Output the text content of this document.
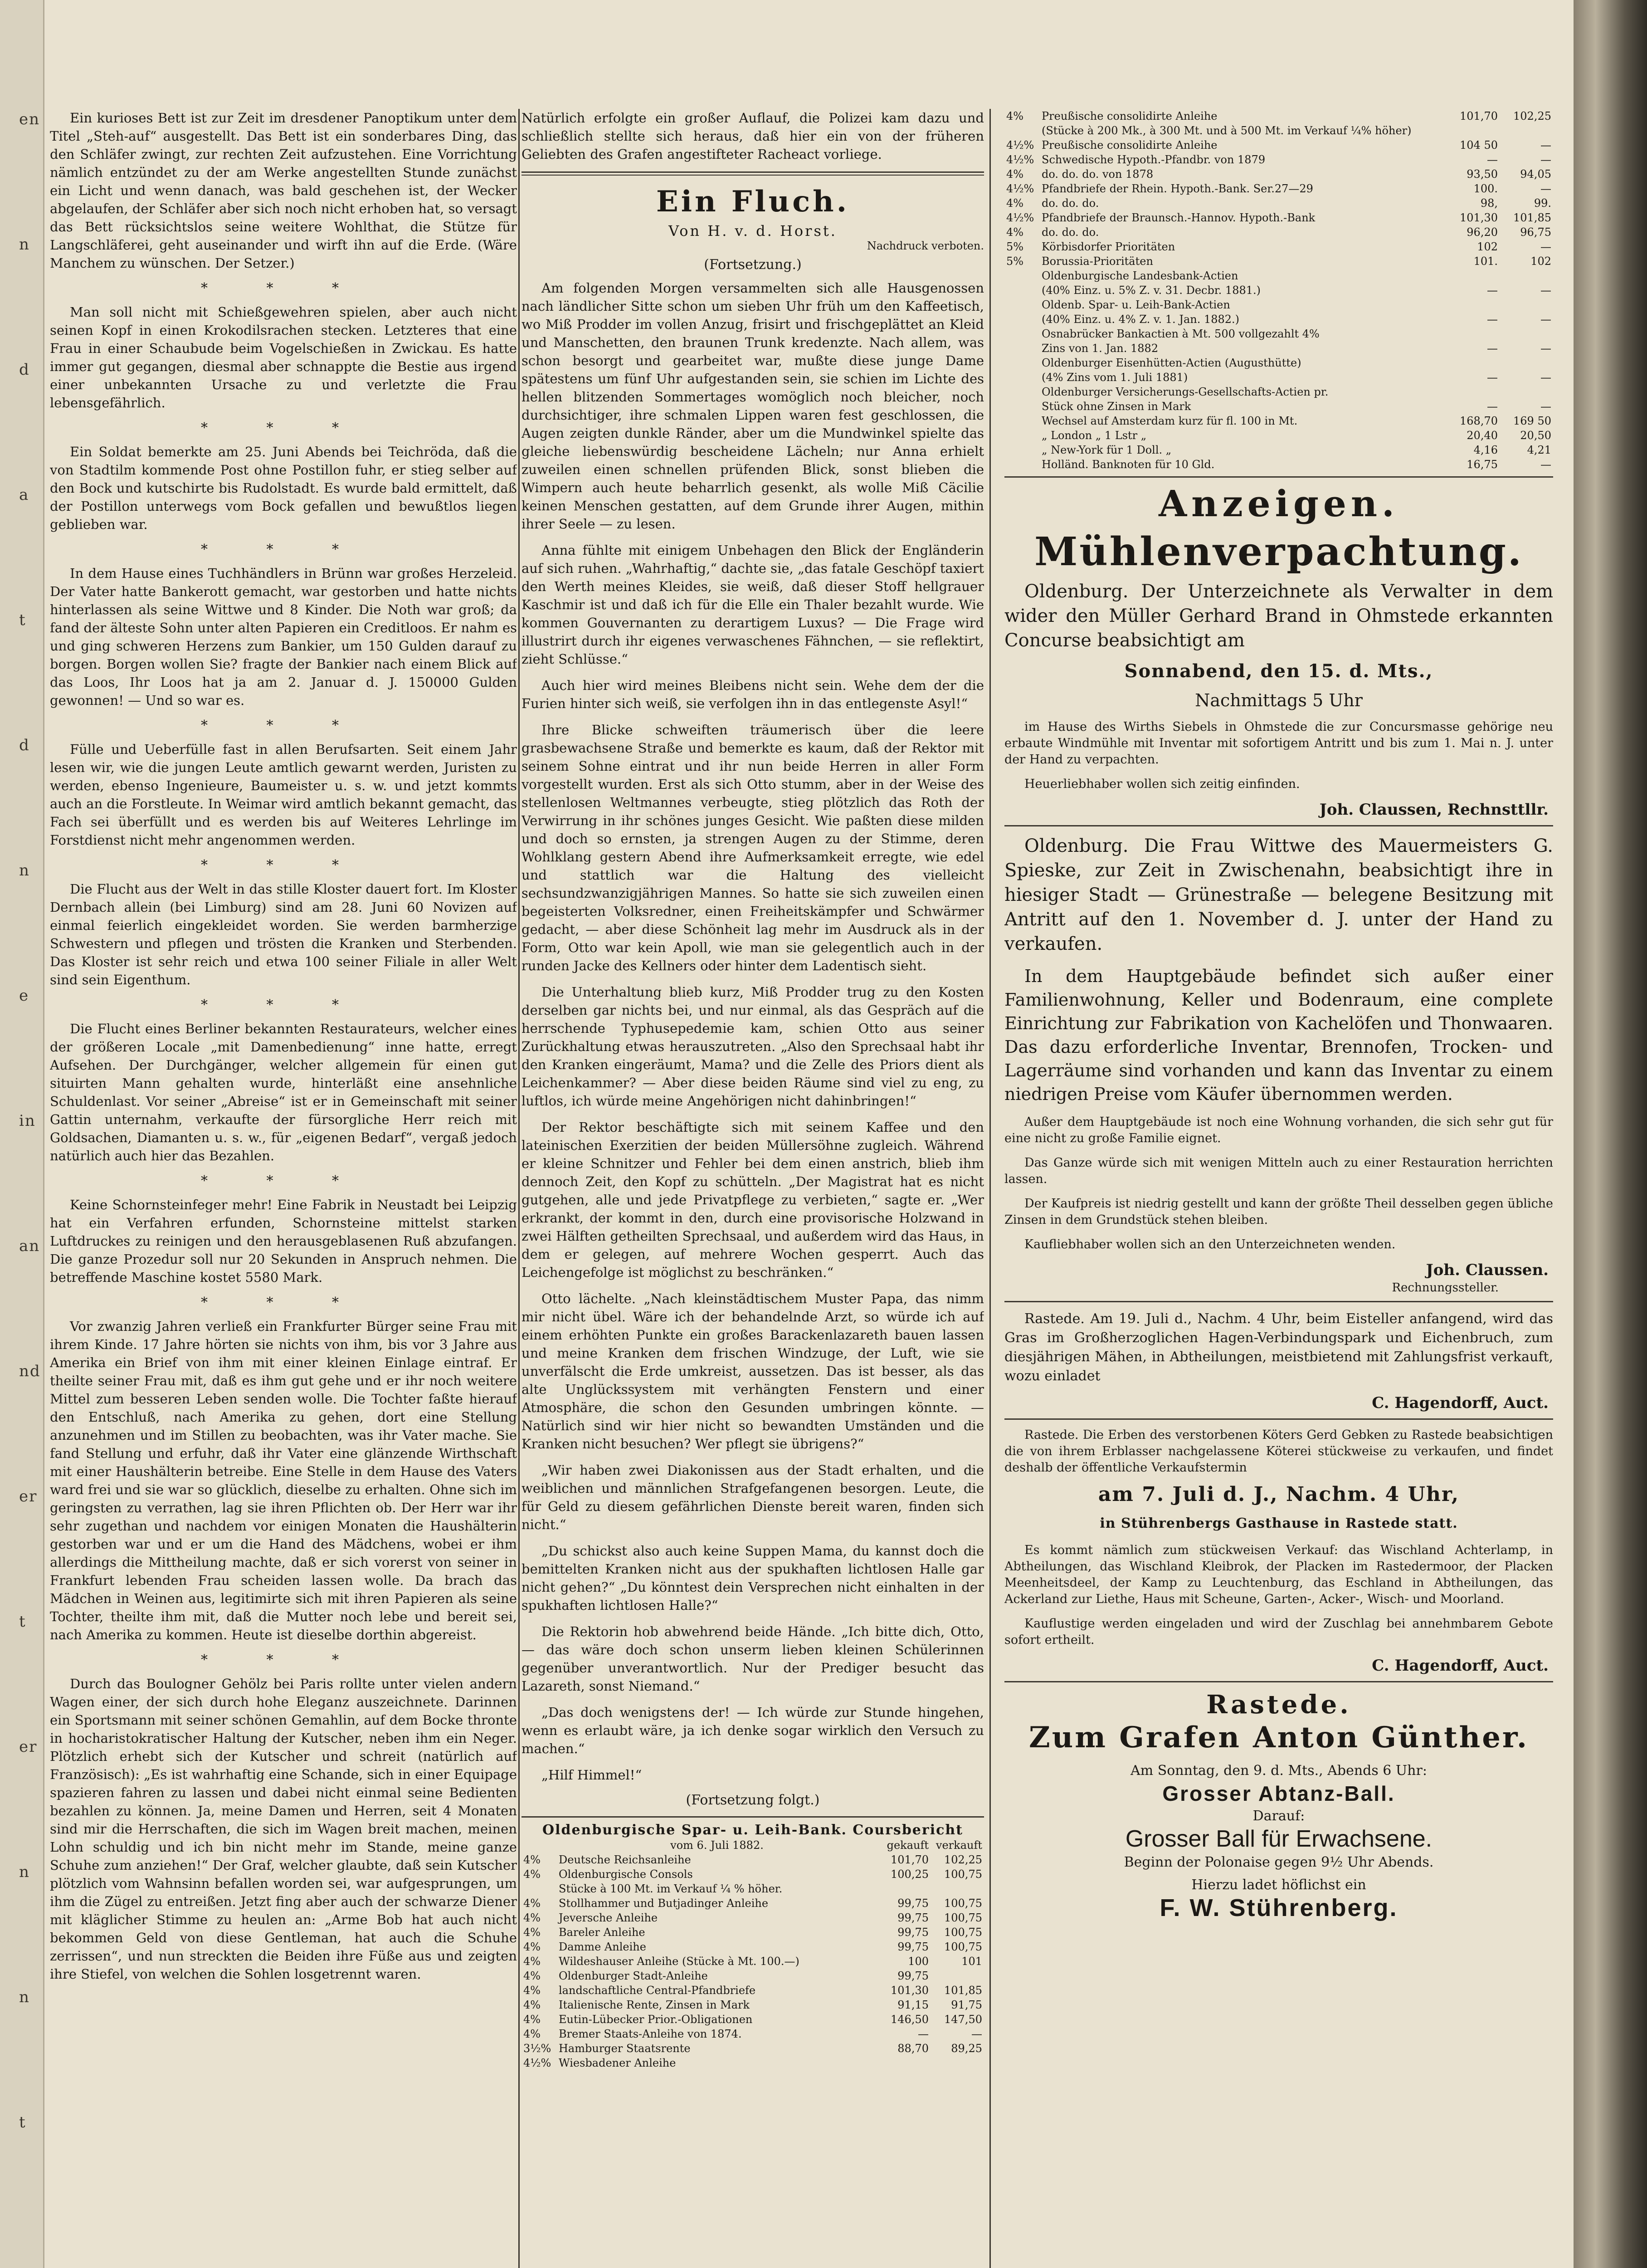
en
n
d
a
t
d
n
e
in
an
nd
er
t
er
n
n
t

Ein kurioses Bett ist zur Zeit im dresdener Panoptikum unter dem Titel „Steh-auf“ ausgestellt. Das Bett ist ein sonderbares Ding, das den Schläfer zwingt, zur rechten Zeit aufzustehen. Eine Vorrichtung nämlich entzündet zu der am Werke angestellten Stunde zunächst ein Licht und wenn danach, was bald geschehen ist, der Wecker abgelaufen, der Schläfer aber sich noch nicht erhoben hat, so versagt das Bett rücksichtslos seine weitere Wohlthat, die Stütze für Langschläferei, geht auseinander und wirft ihn auf die Erde. (Wäre Manchem zu wünschen. Der Setzer.)

* * *

Man soll nicht mit Schießgewehren spielen, aber auch nicht seinen Kopf in einen Krokodilsrachen stecken. Letzteres that eine Frau in einer Schaubude beim Vogelschießen in Zwickau. Es hatte immer gut gegangen, diesmal aber schnappte die Bestie aus irgend einer unbekannten Ursache zu und verletzte die Frau lebensgefährlich.

* * *

Ein Soldat bemerkte am 25. Juni Abends bei Teichröda, daß die von Stadtilm kommende Post ohne Postillon fuhr, er stieg selber auf den Bock und kutschirte bis Rudolstadt. Es wurde bald ermittelt, daß der Postillon unterwegs vom Bock gefallen und bewußtlos liegen geblieben war.

* * *

In dem Hause eines Tuchhändlers in Brünn war großes Herzeleid. Der Vater hatte Bankerott gemacht, war gestorben und hatte nichts hinterlassen als seine Wittwe und 8 Kinder. Die Noth war groß; da fand der älteste Sohn unter alten Papieren ein Creditloos. Er nahm es und ging schweren Herzens zum Bankier, um 150 Gulden darauf zu borgen. Borgen wollen Sie? fragte der Bankier nach einem Blick auf das Loos, Ihr Loos hat ja am 2. Januar d. J. 150000 Gulden gewonnen! — Und so war es.

* * *

Fülle und Ueberfülle fast in allen Berufsarten. Seit einem Jahr lesen wir, wie die jungen Leute amtlich gewarnt werden, Juristen zu werden, ebenso Ingenieure, Baumeister u. s. w. und jetzt kommts auch an die Forstleute. In Weimar wird amtlich bekannt gemacht, das Fach sei überfüllt und es werden bis auf Weiteres Lehrlinge im Forstdienst nicht mehr angenommen werden.

* * *

Die Flucht aus der Welt in das stille Kloster dauert fort. Im Kloster Dernbach allein (bei Limburg) sind am 28. Juni 60 Novizen auf einmal feierlich eingekleidet worden. Sie werden barmherzige Schwestern und pflegen und trösten die Kranken und Sterbenden. Das Kloster ist sehr reich und etwa 100 seiner Filiale in aller Welt sind sein Eigenthum.

* * *

Die Flucht eines Berliner bekannten Restaurateurs, welcher eines der größeren Locale „mit Damenbedienung“ inne hatte, erregt Aufsehen. Der Durchgänger, welcher allgemein für einen gut situirten Mann gehalten wurde, hinterläßt eine ansehnliche Schuldenlast. Vor seiner „Abreise“ ist er in Gemeinschaft mit seiner Gattin unternahm, verkaufte der fürsorgliche Herr reich mit Goldsachen, Diamanten u. s. w., für „eigenen Bedarf“, vergaß jedoch natürlich auch hier das Bezahlen.

* * *

Keine Schornsteinfeger mehr! Eine Fabrik in Neustadt bei Leipzig hat ein Verfahren erfunden, Schornsteine mittelst starken Luftdruckes zu reinigen und den herausgeblasenen Ruß abzufangen. Die ganze Prozedur soll nur 20 Sekunden in Anspruch nehmen. Die betreffende Maschine kostet 5580 Mark.

* * *

Vor zwanzig Jahren verließ ein Frankfurter Bürger seine Frau mit ihrem Kinde. 17 Jahre hörten sie nichts von ihm, bis vor 3 Jahre aus Amerika ein Brief von ihm mit einer kleinen Einlage eintraf. Er theilte seiner Frau mit, daß es ihm gut gehe und er ihr noch weitere Mittel zum besseren Leben senden wolle. Die Tochter faßte hierauf den Entschluß, nach Amerika zu gehen, dort eine Stellung anzunehmen und im Stillen zu beobachten, was ihr Vater mache. Sie fand Stellung und erfuhr, daß ihr Vater eine glänzende Wirthschaft mit einer Haushälterin betreibe. Eine Stelle in dem Hause des Vaters ward frei und sie war so glücklich, dieselbe zu erhalten. Ohne sich im geringsten zu verrathen, lag sie ihren Pflichten ob. Der Herr war ihr sehr zugethan und nachdem vor einigen Monaten die Haushälterin gestorben war und er um die Hand des Mädchens, wobei er ihm allerdings die Mittheilung machte, daß er sich vorerst von seiner in Frankfurt lebenden Frau scheiden lassen wolle. Da brach das Mädchen in Weinen aus, legitimirte sich mit ihren Papieren als seine Tochter, theilte ihm mit, daß die Mutter noch lebe und bereit sei, nach Amerika zu kommen. Heute ist dieselbe dorthin abgereist.

* * *

Durch das Boulogner Gehölz bei Paris rollte unter vielen andern Wagen einer, der sich durch hohe Eleganz auszeichnete. Darinnen ein Sportsmann mit seiner schönen Gemahlin, auf dem Bocke thronte in hocharistokratischer Haltung der Kutscher, neben ihm ein Neger. Plötzlich erhebt sich der Kutscher und schreit (natürlich auf Französisch): „Es ist wahrhaftig eine Schande, sich in einer Equipage spazieren fahren zu lassen und dabei nicht einmal seine Bedienten bezahlen zu können. Ja, meine Damen und Herren, seit 4 Monaten sind mir die Herrschaften, die sich im Wagen breit machen, meinen Lohn schuldig und ich bin nicht mehr im Stande, meine ganze Schuhe zum anziehen!“ Der Graf, welcher glaubte, daß sein Kutscher plötzlich vom Wahnsinn befallen worden sei, war aufgesprungen, um ihm die Zügel zu entreißen. Jetzt fing aber auch der schwarze Diener mit kläglicher Stimme zu heulen an: „Arme Bob hat auch nicht bekommen Geld von diese Gentleman, hat auch die Schuhe zerrissen“, und nun streckten die Beiden ihre Füße aus und zeigten ihre Stiefel, von welchen die Sohlen losgetrennt waren.

Natürlich erfolgte ein großer Auflauf, die Polizei kam dazu und schließlich stellte sich heraus, daß hier ein von der früheren Geliebten des Grafen angestifteter Racheact vorliege.

Ein Fluch.
Von H. v. d. Horst.
Nachdruck verboten.
(Fortsetzung.)

Am folgenden Morgen versammelten sich alle Hausgenossen nach ländlicher Sitte schon um sieben Uhr früh um den Kaffeetisch, wo Miß Prodder im vollen Anzug, frisirt und frischgeplättet an Kleid und Manschetten, den braunen Trunk kredenzte. Nach allem, was schon besorgt und gearbeitet war, mußte diese junge Dame spätestens um fünf Uhr aufgestanden sein, sie schien im Lichte des hellen blitzenden Sommertages womöglich noch bleicher, noch durchsichtiger, ihre schmalen Lippen waren fest geschlossen, die Augen zeigten dunkle Ränder, aber um die Mundwinkel spielte das gleiche liebenswürdig bescheidene Lächeln; nur Anna erhielt zuweilen einen schnellen prüfenden Blick, sonst blieben die Wimpern auch heute beharrlich gesenkt, als wolle Miß Cäcilie keinen Menschen gestatten, auf dem Grunde ihrer Augen, mithin ihrer Seele — zu lesen.

Anna fühlte mit einigem Unbehagen den Blick der Engländerin auf sich ruhen. „Wahrhaftig,“ dachte sie, „das fatale Geschöpf taxiert den Werth meines Kleides, sie weiß, daß dieser Stoff hellgrauer Kaschmir ist und daß ich für die Elle ein Thaler bezahlt wurde. Wie kommen Gouvernanten zu derartigem Luxus? — Die Frage wird illustrirt durch ihr eigenes verwaschenes Fähnchen, — sie reflektirt, zieht Schlüsse.“

Auch hier wird meines Bleibens nicht sein. Wehe dem der die Furien hinter sich weiß, sie verfolgen ihn in das entlegenste Asyl!“

Ihre Blicke schweiften träumerisch über die leere grasbewachsene Straße und bemerkte es kaum, daß der Rektor mit seinem Sohne eintrat und ihr nun beide Herren in aller Form vorgestellt wurden. Erst als sich Otto stumm, aber in der Weise des stellenlosen Weltmannes verbeugte, stieg plötzlich das Roth der Verwirrung in ihr schönes junges Gesicht. Wie paßten diese milden und doch so ernsten, ja strengen Augen zu der Stimme, deren Wohlklang gestern Abend ihre Aufmerksamkeit erregte, wie edel und stattlich war die Haltung des vielleicht sechsundzwanzigjährigen Mannes. So hatte sie sich zuweilen einen begeisterten Volksredner, einen Freiheitskämpfer und Schwärmer gedacht, — aber diese Schönheit lag mehr im Ausdruck als in der Form, Otto war kein Apoll, wie man sie gelegentlich auch in der runden Jacke des Kellners oder hinter dem Ladentisch sieht.

Die Unterhaltung blieb kurz, Miß Prodder trug zu den Kosten derselben gar nichts bei, und nur einmal, als das Gespräch auf die herrschende Typhusepedemie kam, schien Otto aus seiner Zurückhaltung etwas herauszutreten. „Also den Sprechsaal habt ihr den Kranken eingeräumt, Mama? und die Zelle des Priors dient als Leichenkammer? — Aber diese beiden Räume sind viel zu eng, zu luftlos, ich würde meine Angehörigen nicht dahinbringen!“

Der Rektor beschäftigte sich mit seinem Kaffee und den lateinischen Exerzitien der beiden Müllersöhne zugleich. Während er kleine Schnitzer und Fehler bei dem einen anstrich, blieb ihm dennoch Zeit, den Kopf zu schütteln. „Der Magistrat hat es nicht gutgehen, alle und jede Privatpflege zu verbieten,“ sagte er. „Wer erkrankt, der kommt in den, durch eine provisorische Holzwand in zwei Hälften getheilten Sprechsaal, und außerdem wird das Haus, in dem er gelegen, auf mehrere Wochen gesperrt. Auch das Leichengefolge ist möglichst zu beschränken.“

Otto lächelte. „Nach kleinstädtischem Muster Papa, das nimm mir nicht übel. Wäre ich der behandelnde Arzt, so würde ich auf einem erhöhten Punkte ein großes Barackenlazareth bauen lassen und meine Kranken dem frischen Windzuge, der Luft, wie sie unverfälscht die Erde umkreist, aussetzen. Das ist besser, als das alte Unglückssystem mit verhängten Fenstern und einer Atmosphäre, die schon den Gesunden umbringen könnte. — Natürlich sind wir hier nicht so bewandten Umständen und die Kranken nicht besuchen? Wer pflegt sie übrigens?“

„Wir haben zwei Diakonissen aus der Stadt erhalten, und die weiblichen und männlichen Strafgefangenen besorgen. Leute, die für Geld zu diesem gefährlichen Dienste bereit waren, finden sich nicht.“

„Du schickst also auch keine Suppen Mama, du kannst doch die bemittelten Kranken nicht aus der spukhaften lichtlosen Halle gar nicht gehen?“ „Du könntest dein Versprechen nicht einhalten in der spukhaften lichtlosen Halle?“

Die Rektorin hob abwehrend beide Hände. „Ich bitte dich, Otto, — das wäre doch schon unserm lieben kleinen Schülerinnen gegenüber unverantwortlich. Nur der Prediger besucht das Lazareth, sonst Niemand.“

„Das doch wenigstens der! — Ich würde zur Stunde hingehen, wenn es erlaubt wäre, ja ich denke sogar wirklich den Versuch zu machen.“

„Hilf Himmel!“

(Fortsetzung folgt.)
Oldenburgische Spar- u. Leih-Bank. Coursbericht
	vom 6. Juli 1882.	gekauft	verkauft
4%	Deutsche Reichsanleihe	101,70	102,25
4%	Oldenburgische Consols	100,25	100,75
	Stücke à 100 Mt. im Verkauf ¼ % höher.		
4%	Stollhammer und Butjadinger Anleihe	99,75	100,75
4%	Jeversche Anleihe	99,75	100,75
4%	Bareler Anleihe	99,75	100,75
4%	Damme Anleihe	99,75	100,75
4%	Wildeshauser Anleihe (Stücke à Mt. 100.—)	100	101
4%	Oldenburger Stadt-Anleihe	99,75	
4%	landschaftliche Central-Pfandbriefe	101,30	101,85
4%	Italienische Rente, Zinsen in Mark	91,15	91,75
4%	Eutin-Lübecker Prior.-Obligationen	146,50	147,50
4%	Bremer Staats-Anleihe von 1874.	—	—
3½%	Hamburger Staatsrente	88,70	89,25
4½%	Wiesbadener Anleihe		
4%	Preußische consolidirte Anleihe	101,70	102,25
	(Stücke à 200 Mk., à 300 Mt. und à 500 Mt. im Verkauf ¼% höher)		
4½%	Preußische consolidirte Anleihe	104 50	—
4½%	Schwedische Hypoth.-Pfandbr. von 1879	—	—
4%	do. do. do. von 1878	93,50	94,05
4½%	Pfandbriefe der Rhein. Hypoth.-Bank. Ser.27—29	100.	—
4%	do. do. do.	98,	99.
4½%	Pfandbriefe der Braunsch.-Hannov. Hypoth.-Bank	101,30	101,85
4%	do. do. do.	96,20	96,75
5%	Körbisdorfer Prioritäten	102	—
5%	Borussia-Prioritäten	101.	102
	Oldenburgische Landesbank-Actien		
	(40% Einz. u. 5% Z. v. 31. Decbr. 1881.)	—	—
	Oldenb. Spar- u. Leih-Bank-Actien		
	(40% Einz. u. 4% Z. v. 1. Jan. 1882.)	—	—
	Osnabrücker Bankactien à Mt. 500 vollgezahlt 4%		
	Zins von 1. Jan. 1882	—	—
	Oldenburger Eisenhütten-Actien (Augusthütte)		
	(4% Zins vom 1. Juli 1881)	—	—
	Oldenburger Versicherungs-Gesellschafts-Actien pr.		
	Stück ohne Zinsen in Mark	—	—
	Wechsel auf Amsterdam kurz für fl. 100 in Mt.	168,70	169 50
	„ London „ 1 Lstr „	20,40	20,50
	„ New-York für 1 Doll. „	4,16	4,21
	Holländ. Banknoten für 10 Gld.	16,75	—
Anzeigen.
Mühlenverpachtung.

Oldenburg. Der Unterzeichnete als Verwalter in dem wider den Müller Gerhard Brand in Ohmstede erkannten Concurse beabsichtigt am

Sonnabend, den 15. d. Mts.,

Nachmittags 5 Uhr

im Hause des Wirths Siebels in Ohmstede die zur Concursmasse gehörige neu erbaute Windmühle mit Inventar mit sofortigem Antritt und bis zum 1. Mai n. J. unter der Hand zu verpachten.

Heuerliebhaber wollen sich zeitig einfinden.

Joh. Claussen, Rechnsttllr.

Oldenburg. Die Frau Wittwe des Mauermeisters G. Spieske, zur Zeit in Zwischenahn, beabsichtigt ihre in hiesiger Stadt — Grünestraße — belegene Besitzung mit Antritt auf den 1. November d. J. unter der Hand zu verkaufen.

In dem Hauptgebäude befindet sich außer einer Familienwohnung, Keller und Bodenraum, eine complete Einrichtung zur Fabrikation von Kachelöfen und Thonwaaren. Das dazu erforderliche Inventar, Brennofen, Trocken- und Lagerräume sind vorhanden und kann das Inventar zu einem niedrigen Preise vom Käufer übernommen werden.

Außer dem Hauptgebäude ist noch eine Wohnung vorhanden, die sich sehr gut für eine nicht zu große Familie eignet.

Das Ganze würde sich mit wenigen Mitteln auch zu einer Restauration herrichten lassen.

Der Kaufpreis ist niedrig gestellt und kann der größte Theil desselben gegen übliche Zinsen in dem Grundstück stehen bleiben.

Kaufliebhaber wollen sich an den Unterzeichneten wenden.

Joh. Claussen.
Rechnungssteller.

Rastede. Am 19. Juli d., Nachm. 4 Uhr, beim Eisteller anfangend, wird das Gras im Großherzoglichen Hagen-Verbindungspark und Eichenbruch, zum diesjährigen Mähen, in Abtheilungen, meistbietend mit Zahlungsfrist verkauft, wozu einladet

C. Hagendorff, Auct.

Rastede. Die Erben des verstorbenen Köters Gerd Gebken zu Rastede beabsichtigen die von ihrem Erblasser nachgelassene Köterei stückweise zu verkaufen, und findet deshalb der öffentliche Verkaufstermin

am 7. Juli d. J., Nachm. 4 Uhr,

in Stührenbergs Gasthause in Rastede statt.

Es kommt nämlich zum stückweisen Verkauf: das Wischland Achterlamp, in Abtheilungen, das Wischland Kleibrok, der Placken im Rastedermoor, der Placken Meenheitsdeel, der Kamp zu Leuchtenburg, das Eschland in Abtheilungen, das Ackerland zur Liethe, Haus mit Scheune, Garten-, Acker-, Wisch- und Moorland.

Kauflustige werden eingeladen und wird der Zuschlag bei annehmbarem Gebote sofort ertheilt.

C. Hagendorff, Auct.
Rastede.
Zum Grafen Anton Günther.

Am Sonntag, den 9. d. Mts., Abends 6 Uhr:

Grosser Abtanz-Ball.

Darauf:

Grosser Ball für Erwachsene.

Beginn der Polonaise gegen 9½ Uhr Abends.

Hierzu ladet höflichst ein

F. W. Stührenberg.
